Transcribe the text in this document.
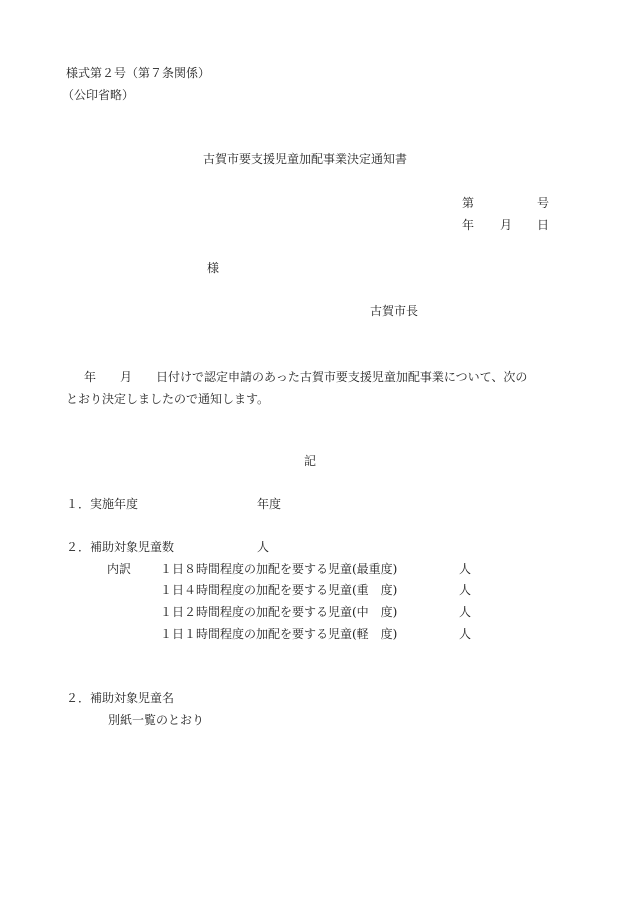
様式第２号（第７条関係）
（公印省略）
古賀市要支援児童加配事業決定通知書
第	号
年 月 日
様
古賀市長
年　　月　　日付けで認定申請のあった古賀市要支援児童加配事業について、次の
とおり決定しましたので通知します。
記
１．実施年度	年度
２．補助対象児童数	人
内訳 １日８時間程度の加配を要する児童(最重度)	人
１日４時間程度の加配を要する児童(重　度)	人
１日２時間程度の加配を要する児童(中　度)	人
１日１時間程度の加配を要する児童(軽　度)	人
２．補助対象児童名
別紙一覧のとおり
